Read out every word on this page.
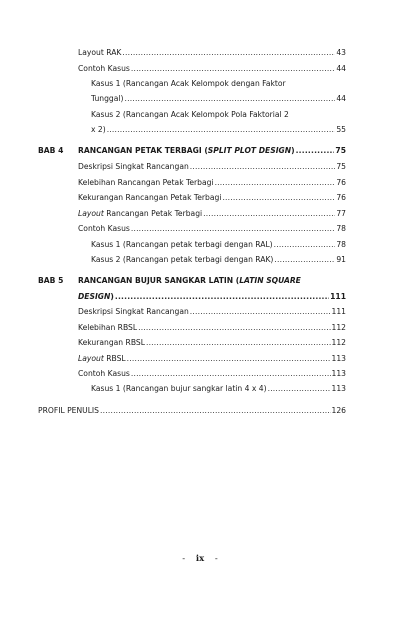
Layout RAK .....	43
Contoh Kasus .....	44
Kasus 1 (Rancangan Acak Kelompok dengan Faktor
Tunggal) .....	44
Kasus 2 (Rancangan Acak Kelompok Pola Faktorial 2
x 2) .....	55
BAB 4 RANCANGAN PETAK TERBAGI (SPLIT PLOT DESIGN) .....	75
Deskripsi Singkat Rancangan .....	75
Kelebihan Rancangan Petak Terbagi .....	76
Kekurangan Rancangan Petak Terbagi .....	76
Layout Rancangan Petak Terbagi .....	77
Contoh Kasus .....	78
Kasus 1 (Rancangan petak terbagi dengan RAL) .....	78
Kasus 2 (Rancangan petak terbagi dengan RAK) .....	91
BAB 5 RANCANGAN BUJUR SANGKAR LATIN (LATIN SQUARE
DESIGN) .....	111
Deskripsi Singkat Rancangan .....	111
Kelebihan RBSL .....	112
Kekurangan RBSL .....	112
Layout RBSL .....	113
Contoh Kasus .....	113
Kasus 1 (Rancangan bujur sangkar latin 4 x 4) .....	113
PROFIL PENULIS .....	126
- ix -
